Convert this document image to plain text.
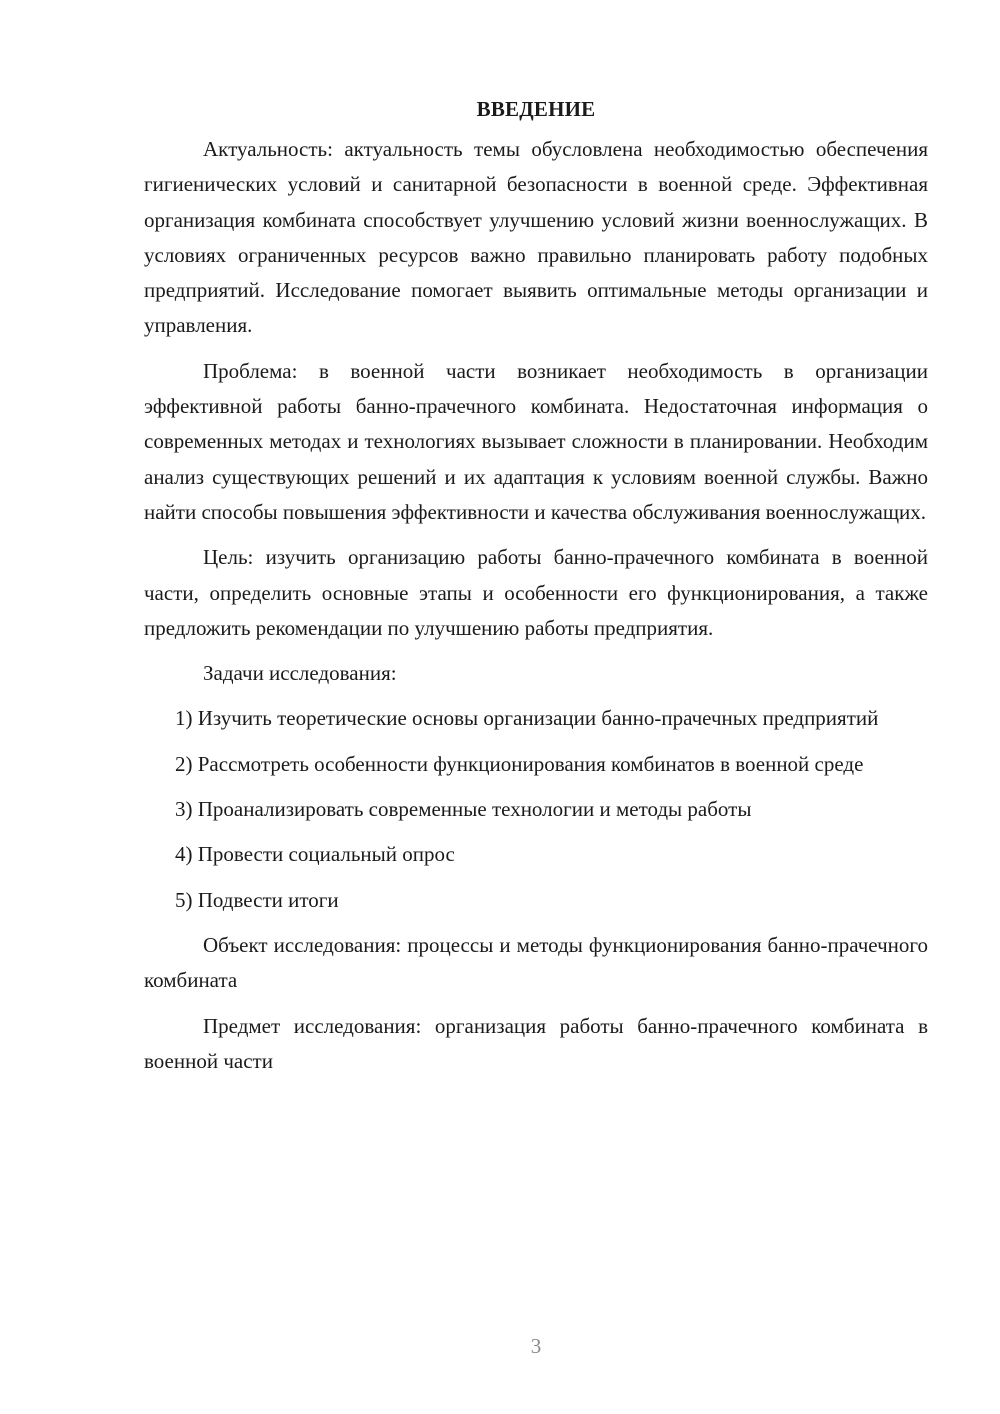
ВВЕДЕНИЕ

Актуальность: актуальность темы обусловлена необходимостью обеспечения гигиенических условий и санитарной безопасности в военной среде. Эффективная организация комбината способствует улучшению условий жизни военнослужащих. В условиях ограниченных ресурсов важно правильно планировать работу подобных предприятий. Исследование помогает выявить оптимальные методы организации и управления.

Проблема: в военной части возникает необходимость в организации эффективной работы банно-прачечного комбината. Недостаточная информация о современных методах и технологиях вызывает сложности в планировании. Необходим анализ существующих решений и их адаптация к условиям военной службы. Важно найти способы повышения эффективности и качества обслуживания военнослужащих.

Цель: изучить организацию работы банно-прачечного комбината в военной части, определить основные этапы и особенности его функционирования, а также предложить рекомендации по улучшению работы предприятия.

Задачи исследования:

1) Изучить теоретические основы организации банно-прачечных предприятий

2) Рассмотреть особенности функционирования комбинатов в военной среде

3) Проанализировать современные технологии и методы работы

4) Провести социальный опрос

5) Подвести итоги

Объект исследования: процессы и методы функционирования банно-прачечного комбината

Предмет исследования: организация работы банно-прачечного комбината в военной части

3
